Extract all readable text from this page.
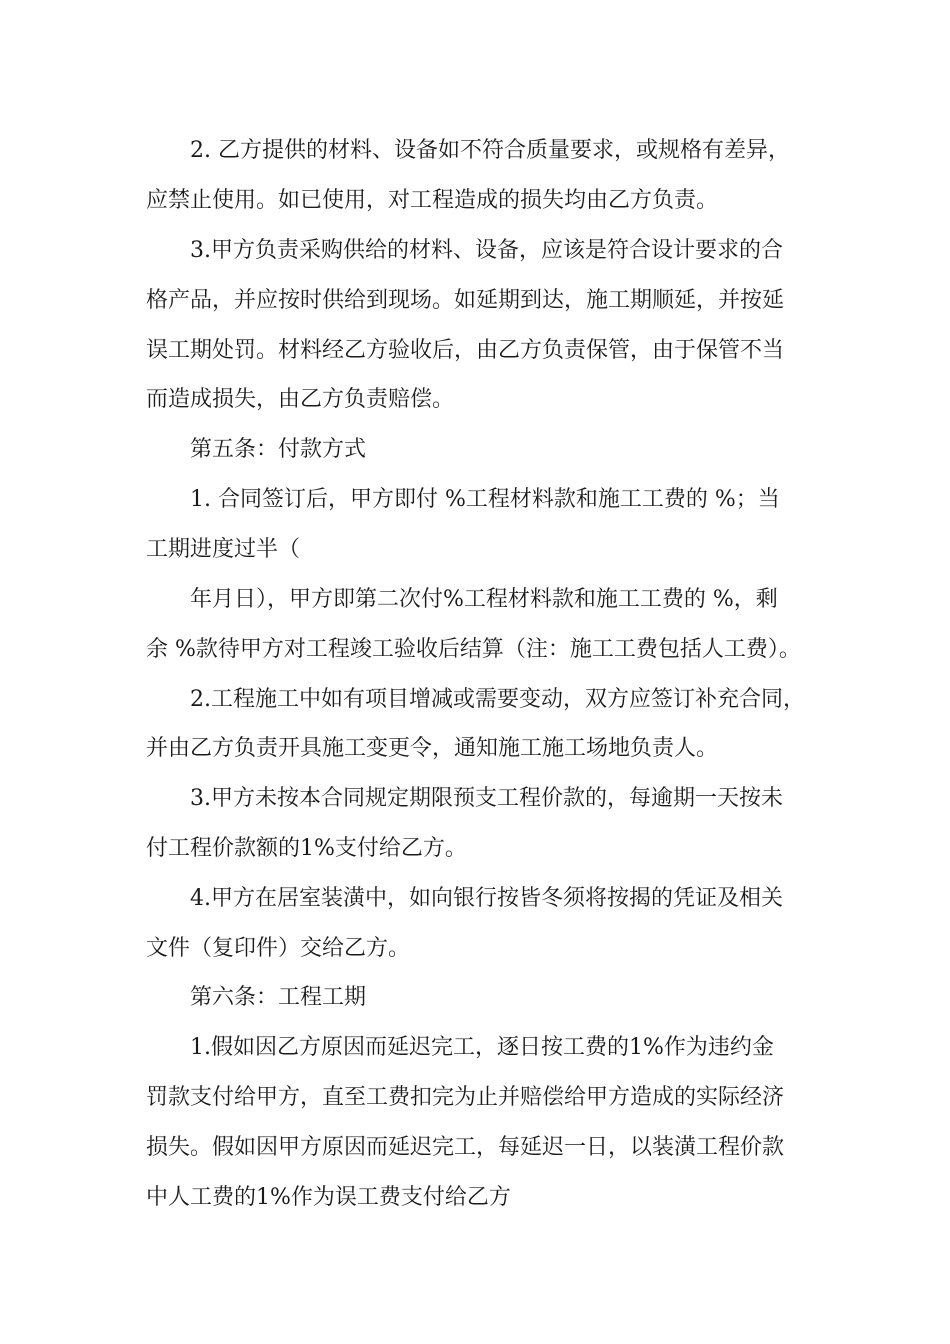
2. 乙方提供的材料、设备如不符合质量要求，或规格有差异，
应禁止使用。如已使用，对工程造成的损失均由乙方负责。
3.甲方负责采购供给的材料、设备，应该是符合设计要求的合
格产品，并应按时供给到现场。如延期到达，施工期顺延，并按延
误工期处罚。材料经乙方验收后，由乙方负责保管，由于保管不当
而造成损失，由乙方负责赔偿。
第五条：付款方式
1. 合同签订后，甲方即付 %工程材料款和施工工费的 %；当
工期进度过半（
年月日），甲方即第二次付%工程材料款和施工工费的 %，剩
余 %款待甲方对工程竣工验收后结算（注：施工工费包括人工费）。
2.工程施工中如有项目增减或需要变动，双方应签订补充合同，
并由乙方负责开具施工变更令，通知施工施工场地负责人。
3.甲方未按本合同规定期限预支工程价款的，每逾期一天按未
付工程价款额的1%支付给乙方。
4.甲方在居室装潢中，如向银行按皆冬须将按揭的凭证及相关
文件（复印件）交给乙方。
第六条：工程工期
1.假如因乙方原因而延迟完工，逐日按工费的1%作为违约金
罚款支付给甲方，直至工费扣完为止并赔偿给甲方造成的实际经济
损失。假如因甲方原因而延迟完工，每延迟一日，以装潢工程价款
中人工费的1%作为误工费支付给乙方
